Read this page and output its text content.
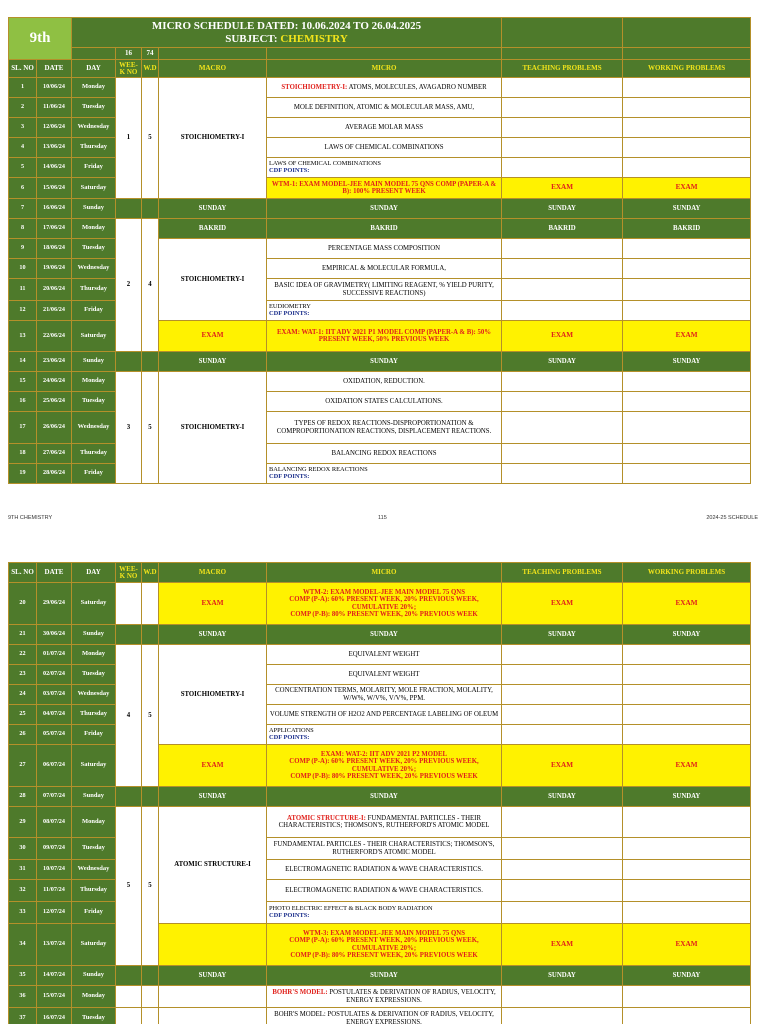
9th		MICRO SCHEDULE DATED: 10.06.2024 TO 26.04.2025
SUBJECT: CHEMISTRY						

			16	74				
SL. NO	DATE	DAY	WEE-K NO	W.D	MACRO	MICRO	TEACHING PROBLEMS	WORKING PROBLEMS
1	10/06/24	Monday	1	5	STOICHIOMETRY-I	STOICHIOMETRY-I: ATOMS, MOLECULES, AVAGADRO NUMBER		
2	11/06/24	Tuesday				MOLE DEFINITION, ATOMIC & MOLECULAR MASS, AMU,		
3	12/06/24	Wednesday				AVERAGE MOLAR MASS		
4	13/06/24	Thursday				LAWS OF CHEMICAL COMBINATIONS		
5	14/06/24	Friday				LAWS OF CHEMICAL COMBINATIONS
CDF POINTS:		

6	15/06/24	Saturday				WTM-1: EXAM MODEL-JEE MAIN MODEL 75 QNS COMP (PAPER-A & B): 100% PRESENT WEEK	EXAM	EXAM
7	16/06/24	Sunday			SUNDAY	SUNDAY	SUNDAY	SUNDAY
8	17/06/24	Monday	2	4	BAKRID	BAKRID	BAKRID	BAKRID
9	18/06/24	Tuesday			STOICHIOMETRY-I	PERCENTAGE MASS COMPOSITION		
10	19/06/24	Wednesday				EMPIRICAL & MOLECULAR FORMULA,		
11	20/06/24	Thursday				BASIC IDEA OF GRAVIMETRY( LIMITING REAGENT, % YIELD PURITY, SUCCESSIVE REACTIONS)		
12	21/06/24	Friday				EUDIOMETRY
CDF POINTS:		

13	22/06/24	Saturday			EXAM	EXAM: WAT-1: IIT ADV 2021 P1 MODEL COMP (PAPER-A & B): 50% PRESENT WEEK, 50% PREVIOUS WEEK	EXAM	EXAM
14	23/06/24	Sunday			SUNDAY	SUNDAY	SUNDAY	SUNDAY
15	24/06/24	Monday	3	5	STOICHIOMETRY-I	OXIDATION, REDUCTION.		
16	25/06/24	Tuesday				OXIDATION STATES CALCULATIONS.		
17	26/06/24	Wednesday				TYPES OF REDOX REACTIONS-DISPROPORTIONATION & COMPROPORTIONATION REACTIONS, DISPLACEMENT REACTIONS.		
18	27/06/24	Thursday				BALANCING REDOX REACTIONS		
19	28/06/24	Friday				BALANCING REDOX REACTIONS
CDF POINTS:		

9TH CHEMISTRY	115	2024-25 SCHEDULE
SL. NO	DATE	DAY	WEE-K NO	W.D	MACRO	MICRO	TEACHING PROBLEMS	WORKING PROBLEMS
20	29/06/24	Saturday			EXAM	WTM-2: EXAM MODEL-JEE MAIN MODEL 75 QNS
COMP (P-A): 60% PRESENT WEEK, 20% PREVIOUS WEEK, CUMULATIVE 20%;
COMP (P-B): 80% PRESENT WEEK, 20% PREVIOUS WEEK	EXAM	EXAM
21	30/06/24	Sunday			SUNDAY	SUNDAY	SUNDAY	SUNDAY
22	01/07/24	Monday	4	5	STOICHIOMETRY-I	EQUIVALENT WEIGHT		
23	02/07/24	Tuesday				EQUIVALENT WEIGHT		
24	03/07/24	Wednesday				CONCENTRATION TERMS, MOLARITY, MOLE FRACTION, MOLALITY, W/W%, W/V%, V/V%, PPM.		
25	04/07/24	Thursday				VOLUME STRENGTH OF H2O2 AND PERCENTAGE LABELING OF OLEUM		
26	05/07/24	Friday				APPLICATIONS
CDF POINTS:		

27	06/07/24	Saturday			EXAM	EXAM: WAT-2: IIT ADV 2021 P2 MODEL
COMP (P-A): 60% PRESENT WEEK, 20% PREVIOUS WEEK, CUMULATIVE 20%;
COMP (P-B): 80% PRESENT WEEK, 20% PREVIOUS WEEK	EXAM	EXAM
28	07/07/24	Sunday			SUNDAY	SUNDAY	SUNDAY	SUNDAY
29	08/07/24	Monday	5	5	ATOMIC STRUCTURE-I	ATOMIC STRUCTURE-I: FUNDAMENTAL PARTICLES - THEIR CHARACTERISTICS; THOMSON'S, RUTHERFORD'S ATOMIC MODEL		
30	09/07/24	Tuesday				FUNDAMENTAL PARTICLES - THEIR CHARACTERISTICS; THOMSON'S, RUTHERFORD'S ATOMIC MODEL		
31	10/07/24	Wednesday				ELECTROMAGNETIC RADIATION & WAVE CHARACTERISTICS.		
32	11/07/24	Thursday				ELECTROMAGNETIC RADIATION & WAVE CHARACTERISTICS.		
33	12/07/24	Friday				PHOTO ELECTRIC EFFECT & BLACK BODY RADIATION
CDF POINTS:		

34	13/07/24	Saturday				WTM-3: EXAM MODEL-JEE MAIN MODEL 75 QNS
COMP (P-A): 60% PRESENT WEEK, 20% PREVIOUS WEEK, CUMULATIVE 20%;
COMP (P-B): 80% PRESENT WEEK, 20% PREVIOUS WEEK	EXAM	EXAM
35	14/07/24	Sunday			SUNDAY	SUNDAY	SUNDAY	SUNDAY
36	15/07/24	Monday				BOHR'S MODEL: POSTULATES & DERIVATION OF RADIUS, VELOCITY, ENERGY EXPRESSIONS.		
37	16/07/24	Tuesday				BOHR'S MODEL: POSTULATES & DERIVATION OF RADIUS, VELOCITY, ENERGY EXPRESSIONS.		
